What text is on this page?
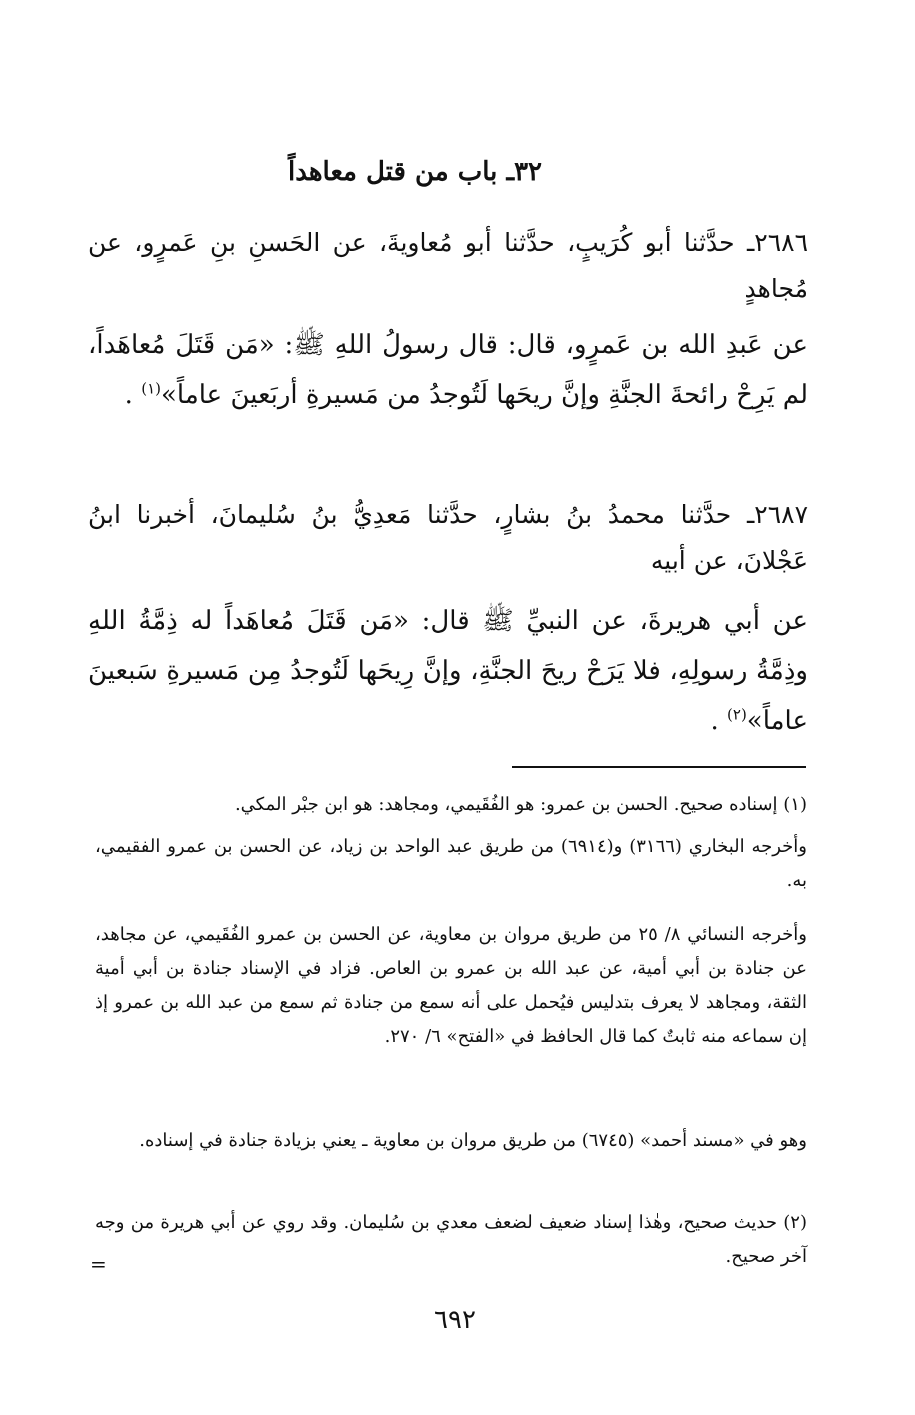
٣٢ـ باب من قتل معاهداً
٢٦٨٦ـ حدَّثنا أبو كُرَيبٍ، حدَّثنا أبو مُعاويةَ، عن الحَسنِ بنِ عَمرٍو، عن مُجاهدٍ
عن عَبدِ الله بن عَمرٍو، قال: قال رسولُ اللهِ ﷺ: «مَن قَتَلَ مُعاهَداً، لم يَرِحْ رائحةَ الجنَّةِ وإنَّ ريحَها لَتُوجدُ من مَسيرةِ أربَعينَ عاماً»$^{(١)}$ .
٢٦٨٧ـ حدَّثنا محمدُ بنُ بشارٍ، حدَّثنا مَعدِيُّ بنُ سُليمانَ، أخبرنا ابنُ عَجْلانَ، عن أبيه
عن أبي هريرةَ، عن النبيِّ ﷺ قال: «مَن قَتَلَ مُعاهَداً له ذِمَّةُ اللهِ وذِمَّةُ رسولِهِ، فلا يَرَحْ ريحَ الجنَّةِ، وإنَّ رِيحَها لَتُوجدُ مِن مَسيرةِ سَبعينَ عاماً»$^{(٢)}$ .
(١) إسناده صحيح. الحسن بن عمرو: هو الفُقَيمي، ومجاهد: هو ابن جبْر المكي.
وأخرجه البخاري (٣١٦٦) و(٦٩١٤) من طريق عبد الواحد بن زياد، عن الحسن بن عمرو الفقيمي، به.
وأخرجه النسائي ٨/ ٢٥ من طريق مروان بن معاوية، عن الحسن بن عمرو الفُقَيمي، عن مجاهد، عن جنادة بن أبي أمية، عن عبد الله بن عمرو بن العاص. فزاد في الإسناد جنادة بن أبي أمية الثقة، ومجاهد لا يعرف بتدليس فيُحمل على أنه سمع من جنادة ثم سمع من عبد الله بن عمرو إذ إن سماعه منه ثابتٌ كما قال الحافظ في «الفتح» ٦/ ٢٧٠.
وهو في «مسند أحمد» (٦٧٤٥) من طريق مروان بن معاوية ـ يعني بزيادة جنادة في إسناده.
(٢) حديث صحيح، وهٰذا إسناد ضعيف لضعف معدي بن سُليمان. وقد روي عن أبي هريرة من وجه آخر صحيح.
=
٦٩٢
